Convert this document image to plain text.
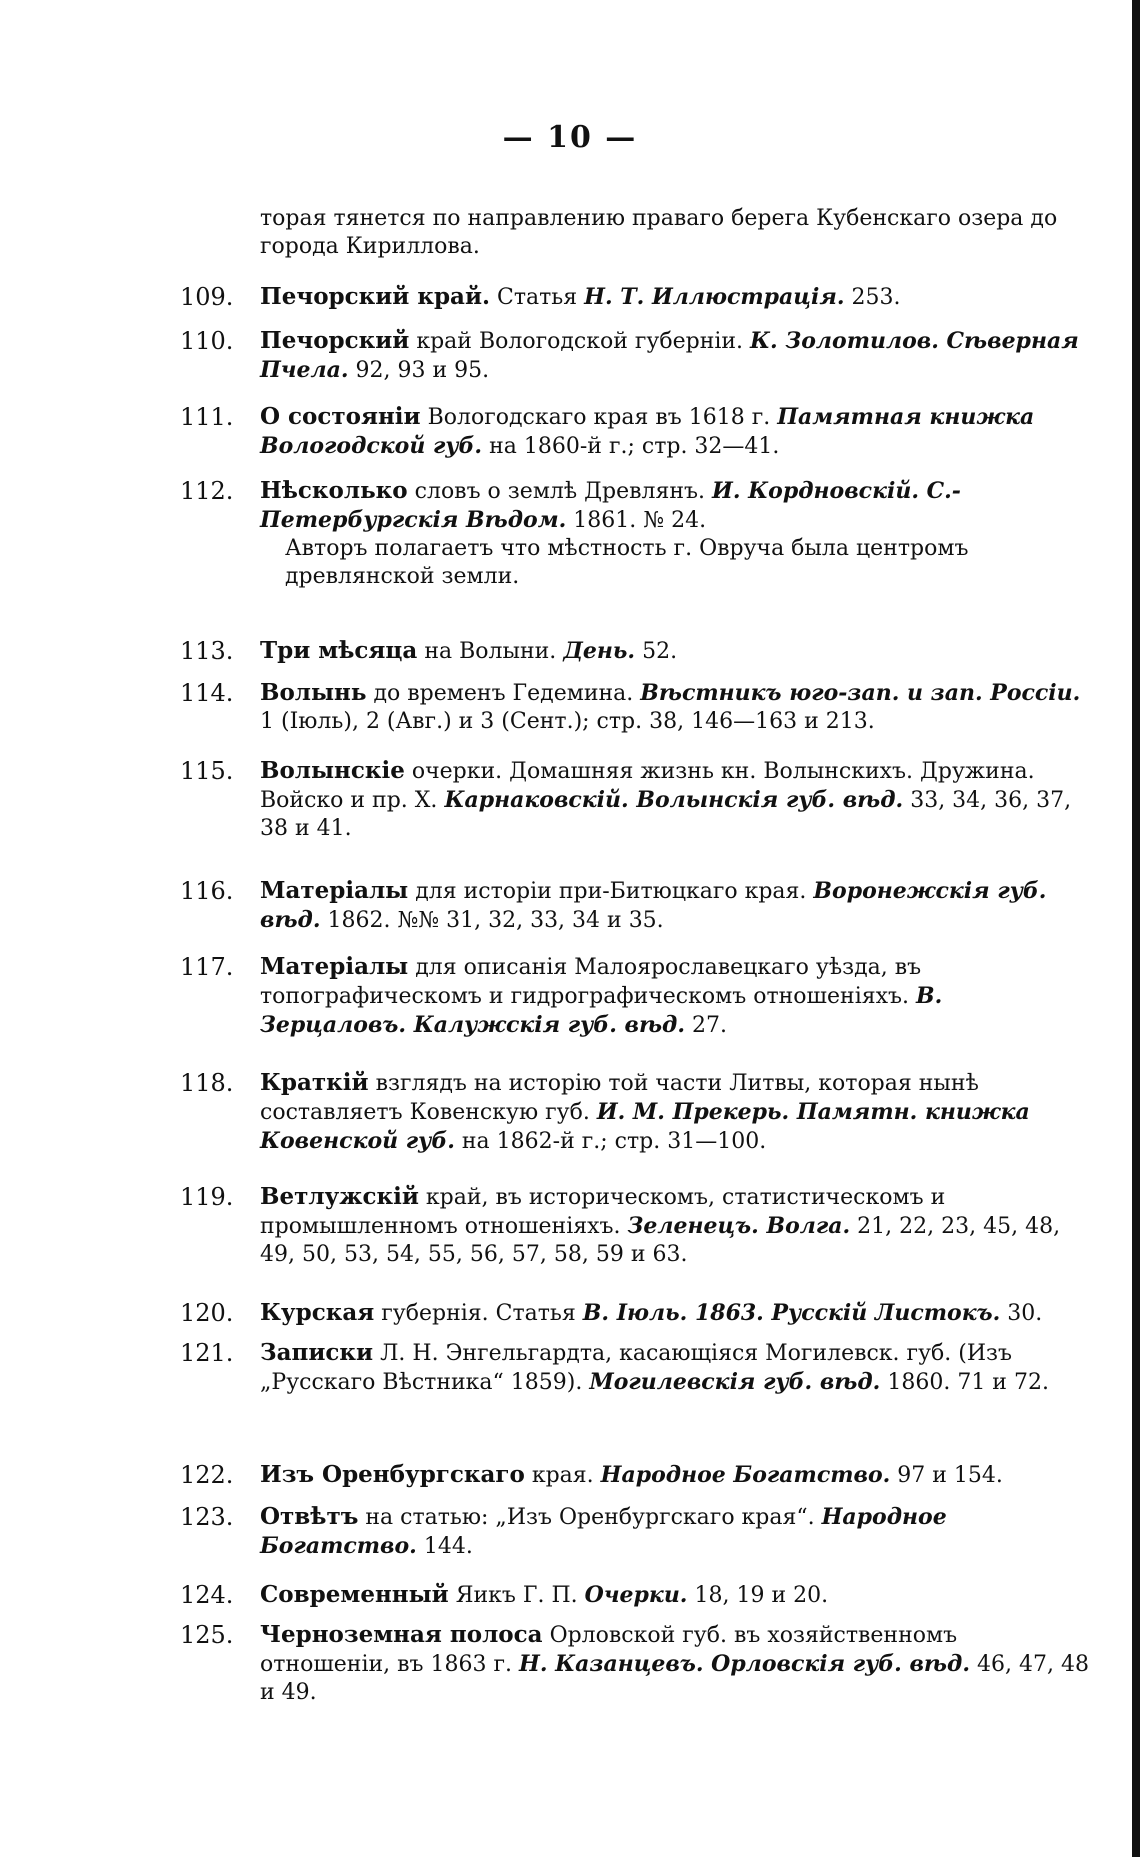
— 10 —
торая тянется по направлению праваго берега Кубенскаго озера до города Кириллова.
109.	Печорский край. Статья Н. Т. Иллюстрація. 253.
110.	Печорский край Вологодской губерніи. К. Золотилов. Сѣверная Пчела. 92, 93 и 95.
111.	О состояніи Вологодскаго края въ 1618 г. Памятная книжка Вологодской губ. на 1860-й г.; стр. 32—41.
112.	Нѣсколько словъ о землѣ Древлянъ. И. Кордновскій. С.-Петербургскія Вѣдом. 1861. № 24.
Авторъ полагаетъ что мѣстность г. Овруча была центромъ древлянской земли.
113.	Три мѣсяца на Волыни. День. 52.
114.	Волынь до временъ Гедемина. Вѣстникъ юго-зап. и зап. Россіи. 1 (Іюль), 2 (Авг.) и 3 (Сент.); стр. 38, 146—163 и 213.
115.	Волынскіе очерки. Домашняя жизнь кн. Волынскихъ. Дружина. Войско и пр. Х. Карнаковскій. Волынскія губ. вѣд. 33, 34, 36, 37, 38 и 41.
116.	Матеріалы для исторіи при-Битюцкаго края. Воронежскія губ. вѣд. 1862. №№ 31, 32, 33, 34 и 35.
117.	Матеріалы для описанія Малоярославецкаго уѣзда, въ топографическомъ и гидрографическомъ отношеніяхъ. В. Зерцаловъ. Калужскія губ. вѣд. 27.
118.	Краткій взглядъ на исторію той части Литвы, которая нынѣ составляетъ Ковенскую губ. И. М. Прекерь. Памятн. книжка Ковенской губ. на 1862-й г.; стр. 31—100.
119.	Ветлужскій край, въ историческомъ, статистическомъ и промышленномъ отношеніяхъ. Зеленецъ. Волга. 21, 22, 23, 45, 48, 49, 50, 53, 54, 55, 56, 57, 58, 59 и 63.
120.	Курская губернія. Статья В. Іюль. 1863. Русскій Листокъ. 30.
121.	Записки Л. Н. Энгельгардта, касающіяся Могилевск. губ. (Изъ „Русскаго Вѣстника“ 1859). Могилевскія губ. вѣд. 1860. 71 и 72.
122.	Изъ Оренбургскаго края. Народное Богатство. 97 и 154.
123.	Отвѣтъ на статью: „Изъ Оренбургскаго края“. Народное Богатство. 144.
124.	Современный Яикъ Г. П. Очерки. 18, 19 и 20.
125.	Черноземная полоса Орловской губ. въ хозяйственномъ отношеніи, въ 1863 г. Н. Казанцевъ. Орловскія губ. вѣд. 46, 47, 48 и 49.
